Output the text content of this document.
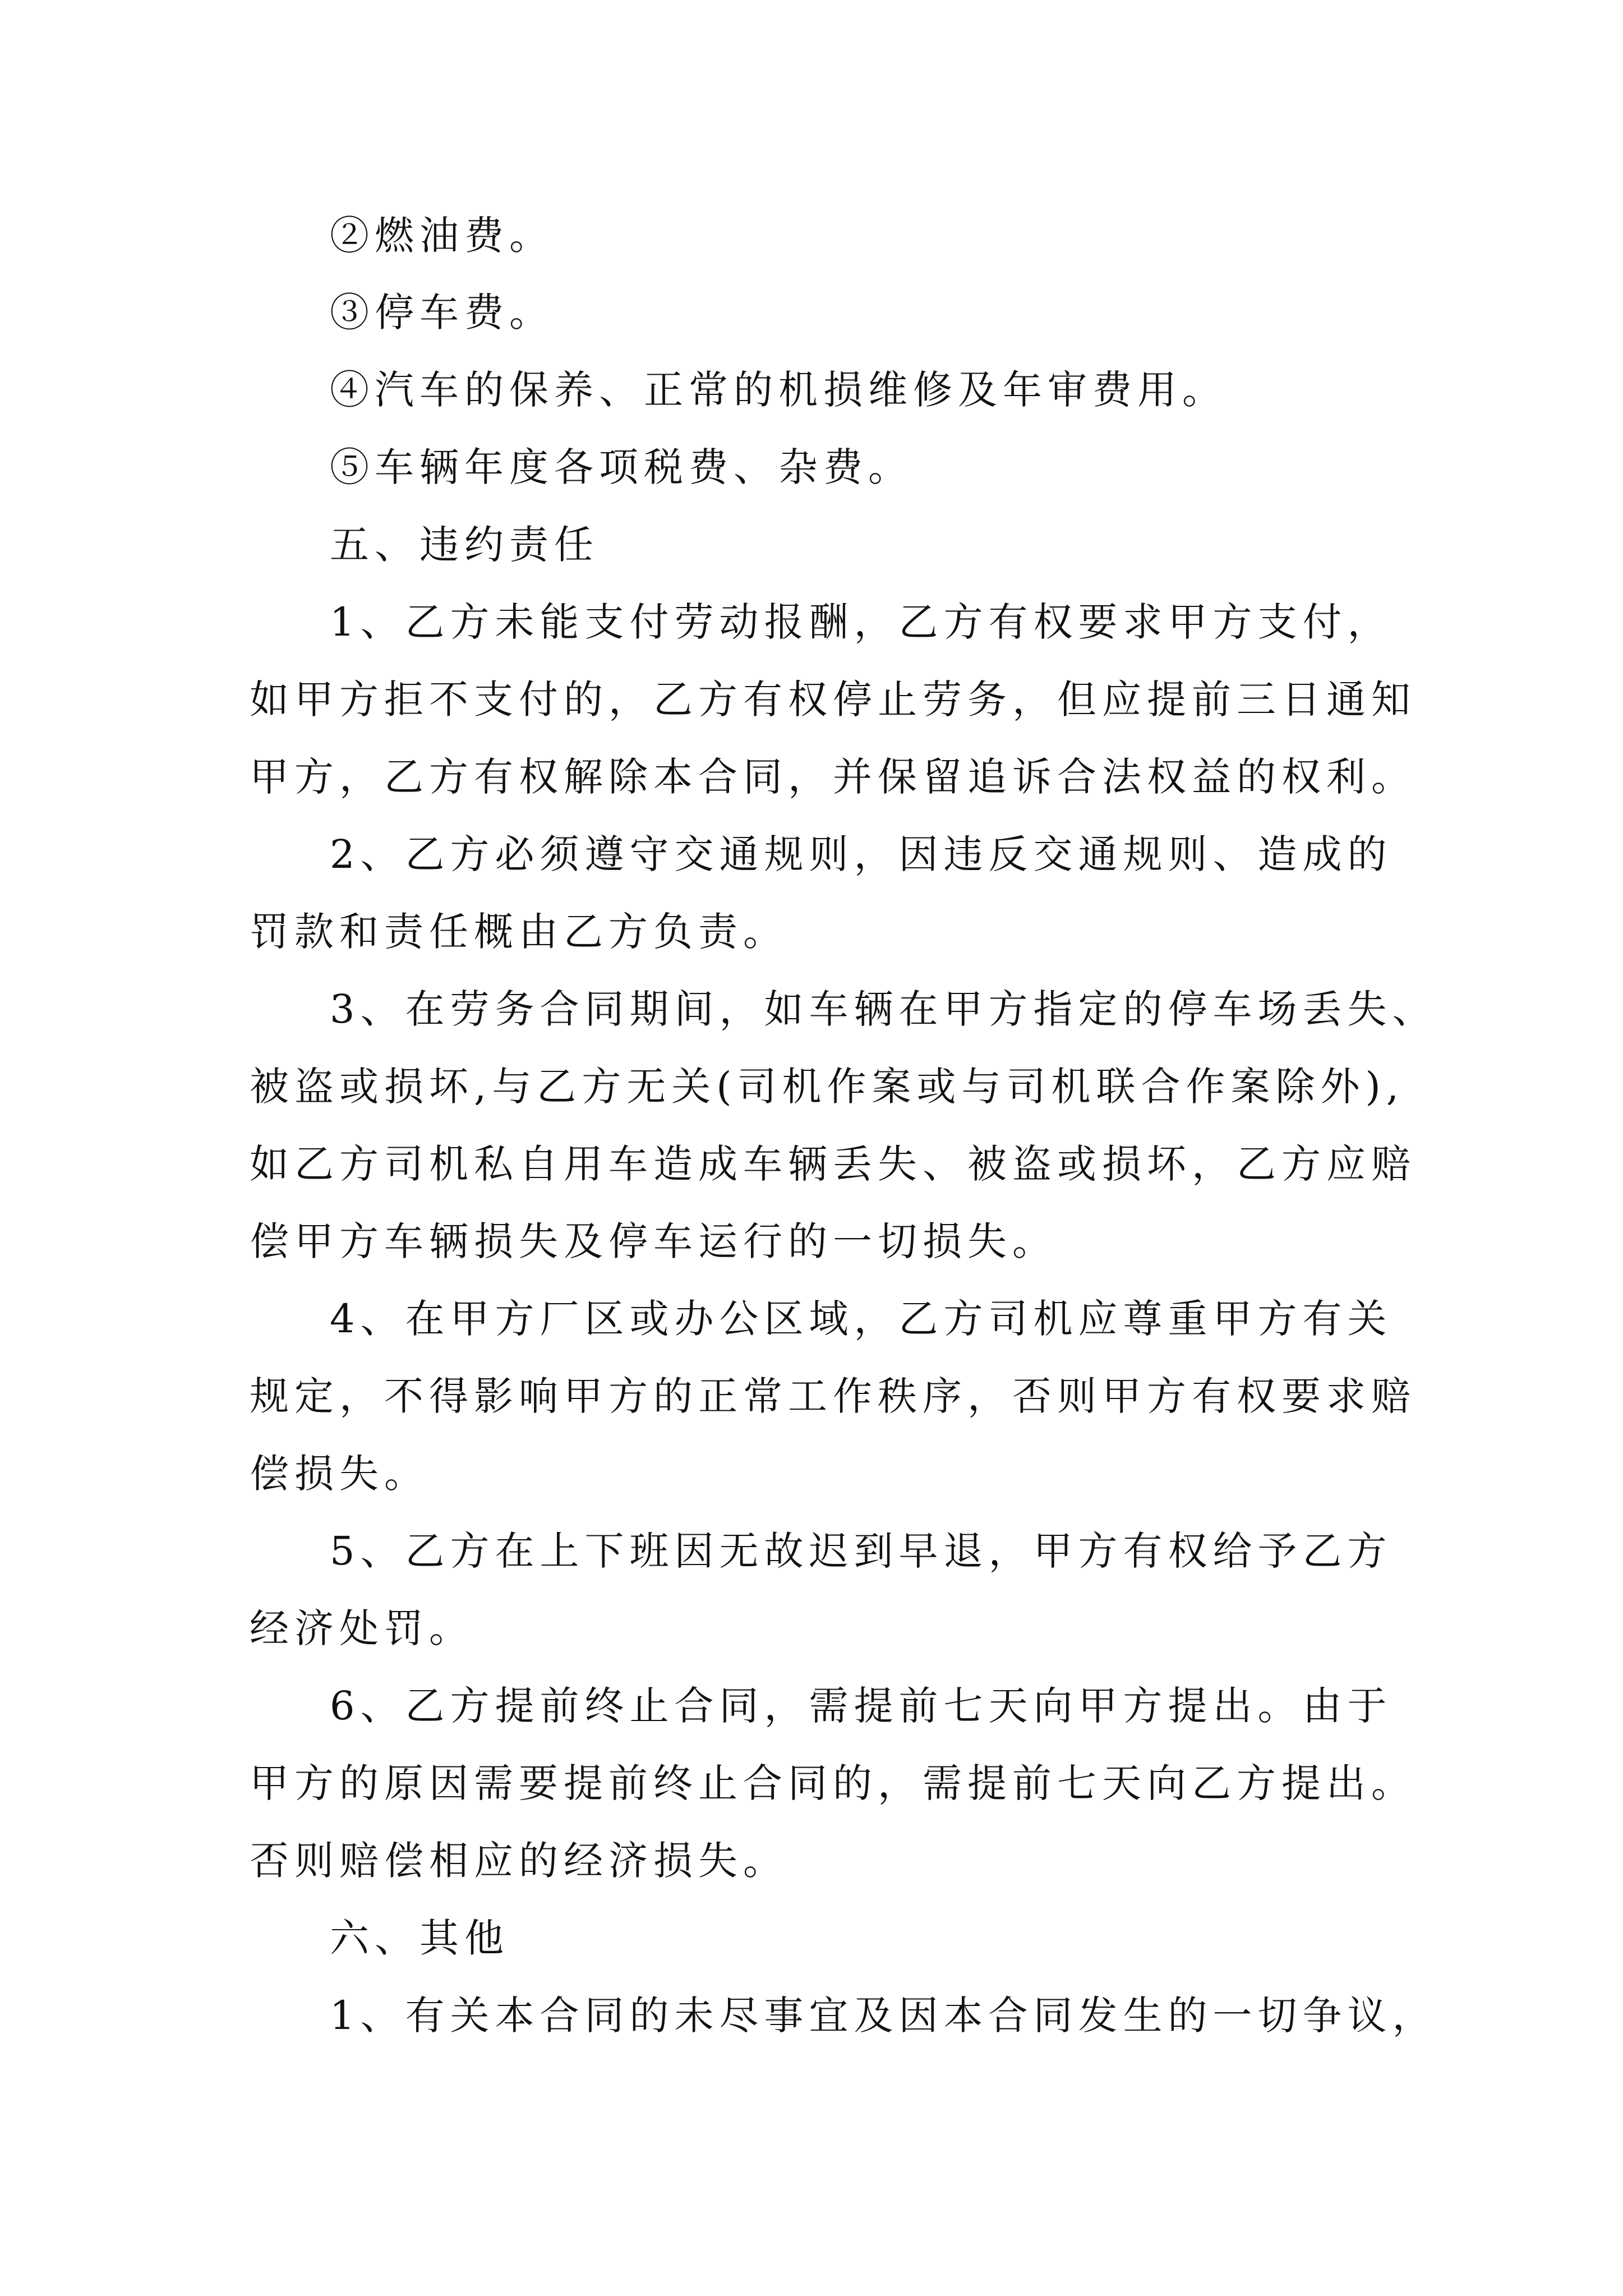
②燃油费。
③停车费。
④汽车的保养、正常的机损维修及年审费用。
⑤车辆年度各项税费、杂费。
五、违约责任
1、乙方未能支付劳动报酬，乙方有权要求甲方支付，
如甲方拒不支付的，乙方有权停止劳务，但应提前三日通知
甲方，乙方有权解除本合同，并保留追诉合法权益的权利。
2、乙方必须遵守交通规则，因违反交通规则、造成的
罚款和责任概由乙方负责。
3、在劳务合同期间，如车辆在甲方指定的停车场丢失、
被盗或损坏,与乙方无关(司机作案或与司机联合作案除外),
如乙方司机私自用车造成车辆丢失、被盗或损坏，乙方应赔
偿甲方车辆损失及停车运行的一切损失。
4、在甲方厂区或办公区域，乙方司机应尊重甲方有关
规定，不得影响甲方的正常工作秩序，否则甲方有权要求赔
偿损失。
5、乙方在上下班因无故迟到早退，甲方有权给予乙方
经济处罚。
6、乙方提前终止合同，需提前七天向甲方提出。由于
甲方的原因需要提前终止合同的，需提前七天向乙方提出。
否则赔偿相应的经济损失。
六、其他
1、有关本合同的未尽事宜及因本合同发生的一切争议，
